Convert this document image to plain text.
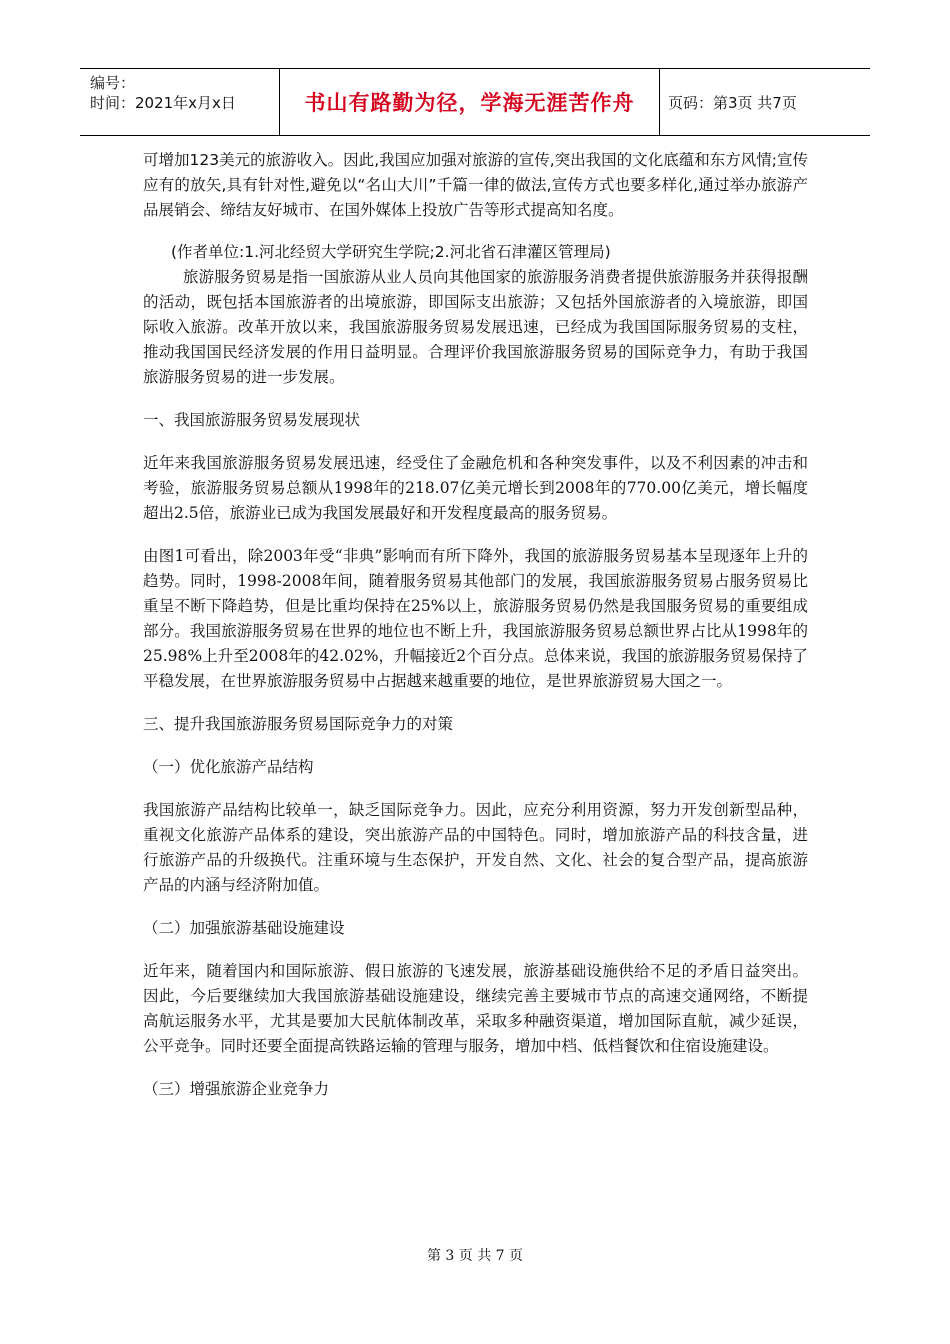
编号：
时间：2021年x月x日	书山有路勤为径，学海无涯苦作舟	页码：第3页 共7页

可增加123美元的旅游收入。因此,我国应加强对旅游的宣传,突出我国的文化底蕴和东方风情;宣传应有的放矢,具有针对性,避免以“名山大川”千篇一律的做法,宣传方式也要多样化,通过举办旅游产品展销会、缔结友好城市、在国外媒体上投放广告等形式提高知名度。

(作者单位:1.河北经贸大学研究生学院;2.河北省石津灌区管理局)

旅游服务贸易是指一国旅游从业人员向其他国家的旅游服务消费者提供旅游服务并获得报酬的活动，既包括本国旅游者的出境旅游，即国际支出旅游；又包括外国旅游者的入境旅游，即国际收入旅游。改革开放以来，我国旅游服务贸易发展迅速，已经成为我国国际服务贸易的支柱，推动我国国民经济发展的作用日益明显。合理评价我国旅游服务贸易的国际竞争力，有助于我国旅游服务贸易的进一步发展。

一、我国旅游服务贸易发展现状

近年来我国旅游服务贸易发展迅速，经受住了金融危机和各种突发事件，以及不利因素的冲击和考验，旅游服务贸易总额从1998年的218.07亿美元增长到2008年的770.00亿美元，增长幅度超出2.5倍，旅游业已成为我国发展最好和开发程度最高的服务贸易。

由图1可看出，除2003年受“非典”影响而有所下降外，我国的旅游服务贸易基本呈现逐年上升的趋势。同时，1998-2008年间，随着服务贸易其他部门的发展，我国旅游服务贸易占服务贸易比重呈不断下降趋势，但是比重均保持在25%以上，旅游服务贸易仍然是我国服务贸易的重要组成部分。我国旅游服务贸易在世界的地位也不断上升，我国旅游服务贸易总额世界占比从1998年的25.98%上升至2008年的42.02%，升幅接近2个百分点。总体来说，我国的旅游服务贸易保持了平稳发展，在世界旅游服务贸易中占据越来越重要的地位，是世界旅游贸易大国之一。

三、提升我国旅游服务贸易国际竞争力的对策

（一）优化旅游产品结构

我国旅游产品结构比较单一，缺乏国际竞争力。因此，应充分利用资源，努力开发创新型品种，重视文化旅游产品体系的建设，突出旅游产品的中国特色。同时，增加旅游产品的科技含量，进行旅游产品的升级换代。注重环境与生态保护，开发自然、文化、社会的复合型产品，提高旅游产品的内涵与经济附加值。

（二）加强旅游基础设施建设

近年来，随着国内和国际旅游、假日旅游的飞速发展，旅游基础设施供给不足的矛盾日益突出。因此，今后要继续加大我国旅游基础设施建设，继续完善主要城市节点的高速交通网络，不断提高航运服务水平，尤其是要加大民航体制改革，采取多种融资渠道，增加国际直航，减少延误，公平竞争。同时还要全面提高铁路运输的管理与服务，增加中档、低档餐饮和住宿设施建设。

（三）增强旅游企业竞争力

第 3 页 共 7 页
